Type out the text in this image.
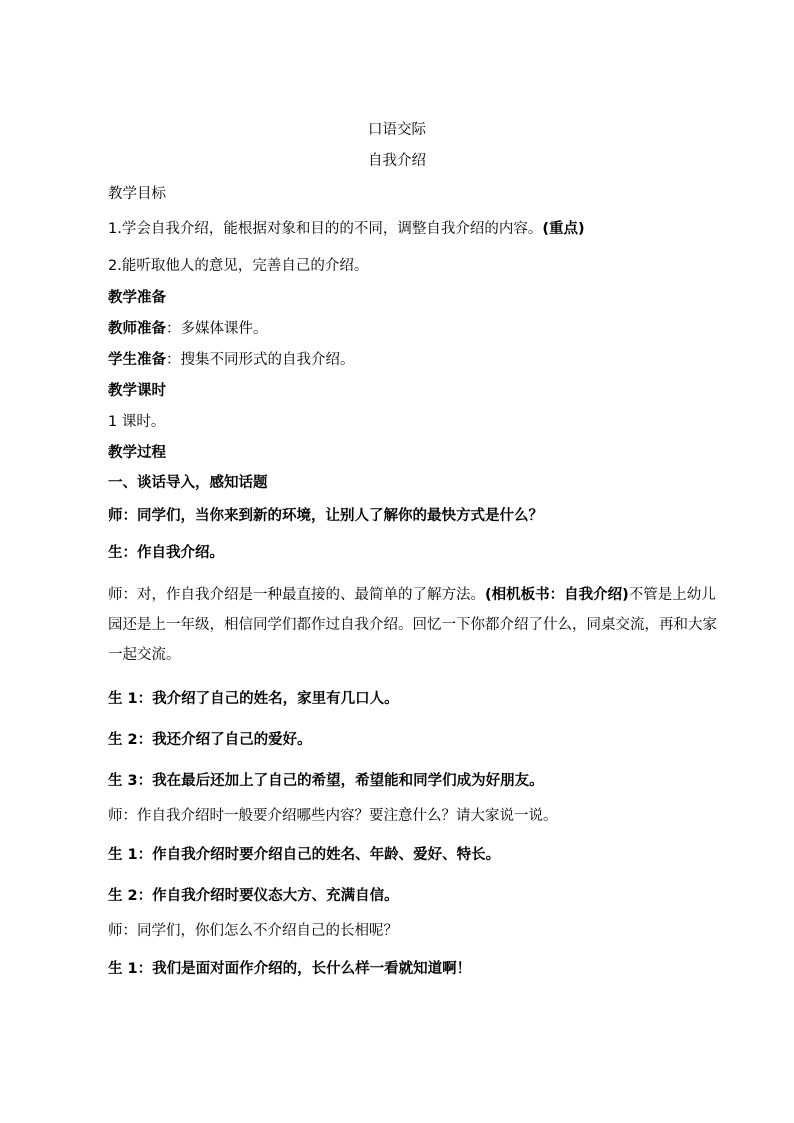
口语交际
自我介绍
教学目标
1.学会自我介绍，能根据对象和目的的不同，调整自我介绍的内容。(重点)
2.能听取他人的意见，完善自己的介绍。
教学准备
教师准备：多媒体课件。
学生准备：搜集不同形式的自我介绍。
教学课时
1 课时。
教学过程
一、谈话导入，感知话题
师：同学们，当你来到新的环境，让别人了解你的最快方式是什么？
生：作自我介绍。
师：对，作自我介绍是一种最直接的、最简单的了解方法。(相机板书：自我介绍)不管是上幼儿园还是上一年级，相信同学们都作过自我介绍。回忆一下你都介绍了什么，同桌交流，再和大家一起交流。
生 1：我介绍了自己的姓名，家里有几口人。
生 2：我还介绍了自己的爱好。
生 3：我在最后还加上了自己的希望，希望能和同学们成为好朋友。
师：作自我介绍时一般要介绍哪些内容？要注意什么？请大家说一说。
生 1：作自我介绍时要介绍自己的姓名、年龄、爱好、特长。
生 2：作自我介绍时要仪态大方、充满自信。
师：同学们，你们怎么不介绍自己的长相呢？
生 1：我们是面对面作介绍的，长什么样一看就知道啊！
